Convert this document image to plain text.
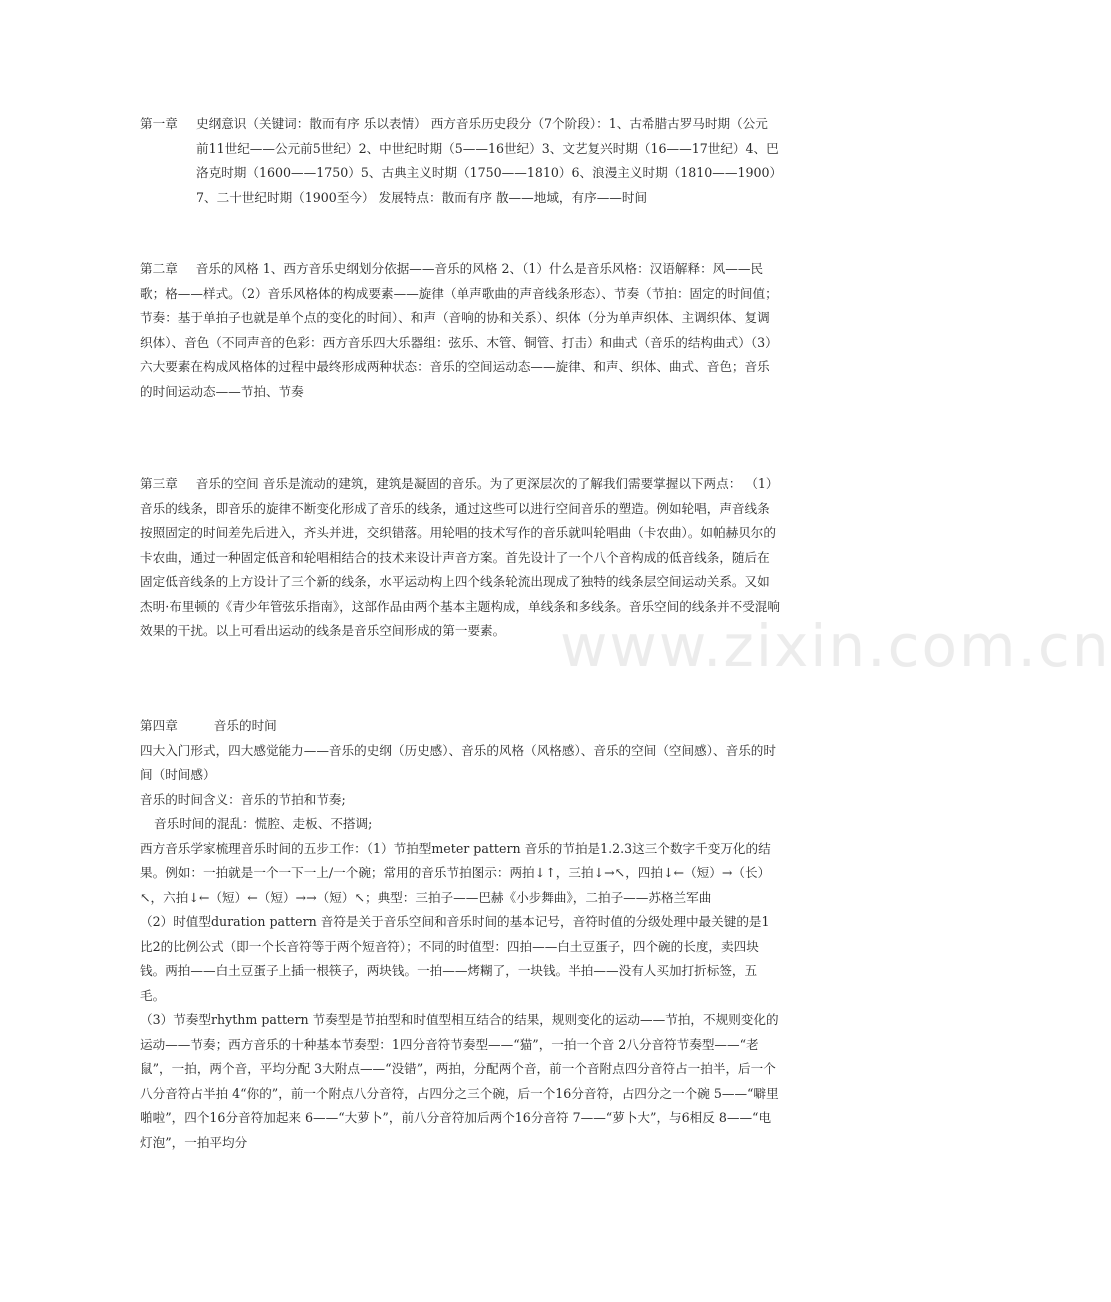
www.zixin.com.cn
第一章 史纲意识（关键词：散而有序 乐以表情） 西方音乐历史段分（7个阶段）：1、古希腊古罗马时期（公元前11世纪——公元前5世纪）2、中世纪时期（5——16世纪）3、文艺复兴时期（16——17世纪）4、巴洛克时期（1600——1750）5、古典主义时期（1750——1810）6、浪漫主义时期（1810——1900）7、二十世纪时期（1900至今） 发展特点：散而有序 散——地域，有序——时间

第二章 音乐的风格 1、西方音乐史纲划分依据——音乐的风格 2、（1）什么是音乐风格：汉语解释：风——民歌；格——样式。（2）音乐风格体的构成要素——旋律（单声歌曲的声音线条形态）、节奏（节拍：固定的时间值；节奏：基于单拍子也就是单个点的变化的时间）、和声（音响的协和关系）、织体（分为单声织体、主调织体、复调织体）、音色（不同声音的色彩：西方音乐四大乐器组：弦乐、木管、铜管、打击）和曲式（音乐的结构曲式）（3）六大要素在构成风格体的过程中最终形成两种状态：音乐的空间运动态——旋律、和声、织体、曲式、音色；音乐的时间运动态——节拍、节奏

第三章 音乐的空间 音乐是流动的建筑，建筑是凝固的音乐。为了更深层次的了解我们需要掌握以下两点： （1）音乐的线条，即音乐的旋律不断变化形成了音乐的线条，通过这些可以进行空间音乐的塑造。例如轮唱，声音线条按照固定的时间差先后进入，齐头并进，交织错落。用轮唱的技术写作的音乐就叫轮唱曲（卡农曲）。如帕赫贝尔的卡农曲，通过一种固定低音和轮唱相结合的技术来设计声音方案。首先设计了一个八个音构成的低音线条，随后在固定低音线条的上方设计了三个新的线条，水平运动构上四个线条轮流出现成了独特的线条层空间运动关系。又如杰明·布里顿的《青少年管弦乐指南》，这部作品由两个基本主题构成，单线条和多线条。音乐空间的线条并不受混响效果的干扰。以上可看出运动的线条是音乐空间形成的第一要素。

第四章	音乐的时间

四大入门形式，四大感觉能力——音乐的史纲（历史感）、音乐的风格（风格感）、音乐的空间（空间感）、音乐的时间（时间感）

音乐的时间含义：音乐的节拍和节奏;

音乐时间的混乱：慌腔、走板、不搭调;

西方音乐学家梳理音乐时间的五步工作：（1）节拍型meter pattern 音乐的节拍是1.2.3这三个数字千变万化的结果。例如：一拍就是一个一下一上/一个碗；常用的音乐节拍图示：两拍↓↑，三拍↓→↖，四拍↓←（短）→（长）↖，六拍↓←（短）←（短）→→（短）↖；典型：三拍子——巴赫《小步舞曲》，二拍子——苏格兰军曲

（2）时值型duration pattern 音符是关于音乐空间和音乐时间的基本记号，音符时值的分级处理中最关键的是1比2的比例公式（即一个长音符等于两个短音符）；不同的时值型：四拍——白土豆蛋子，四个碗的长度，卖四块钱。两拍——白土豆蛋子上插一根筷子，两块钱。一拍——烤糊了，一块钱。半拍——没有人买加打折标签，五毛。

（3）节奏型rhythm pattern 节奏型是节拍型和时值型相互结合的结果，规则变化的运动——节拍，不规则变化的运动——节奏；西方音乐的十种基本节奏型：1四分音符节奏型——“猫”，一拍一个音 2八分音符节奏型——“老鼠”，一拍，两个音，平均分配 3大附点——“没错”，两拍，分配两个音，前一个音附点四分音符占一拍半，后一个八分音符占半拍 4“你的”，前一个附点八分音符，占四分之三个碗，后一个16分音符，占四分之一个碗 5——“噼里啪啦”，四个16分音符加起来 6——“大萝卜”，前八分音符加后两个16分音符 7——“萝卜大”，与6相反 8——“电灯泡”，一拍平均分
